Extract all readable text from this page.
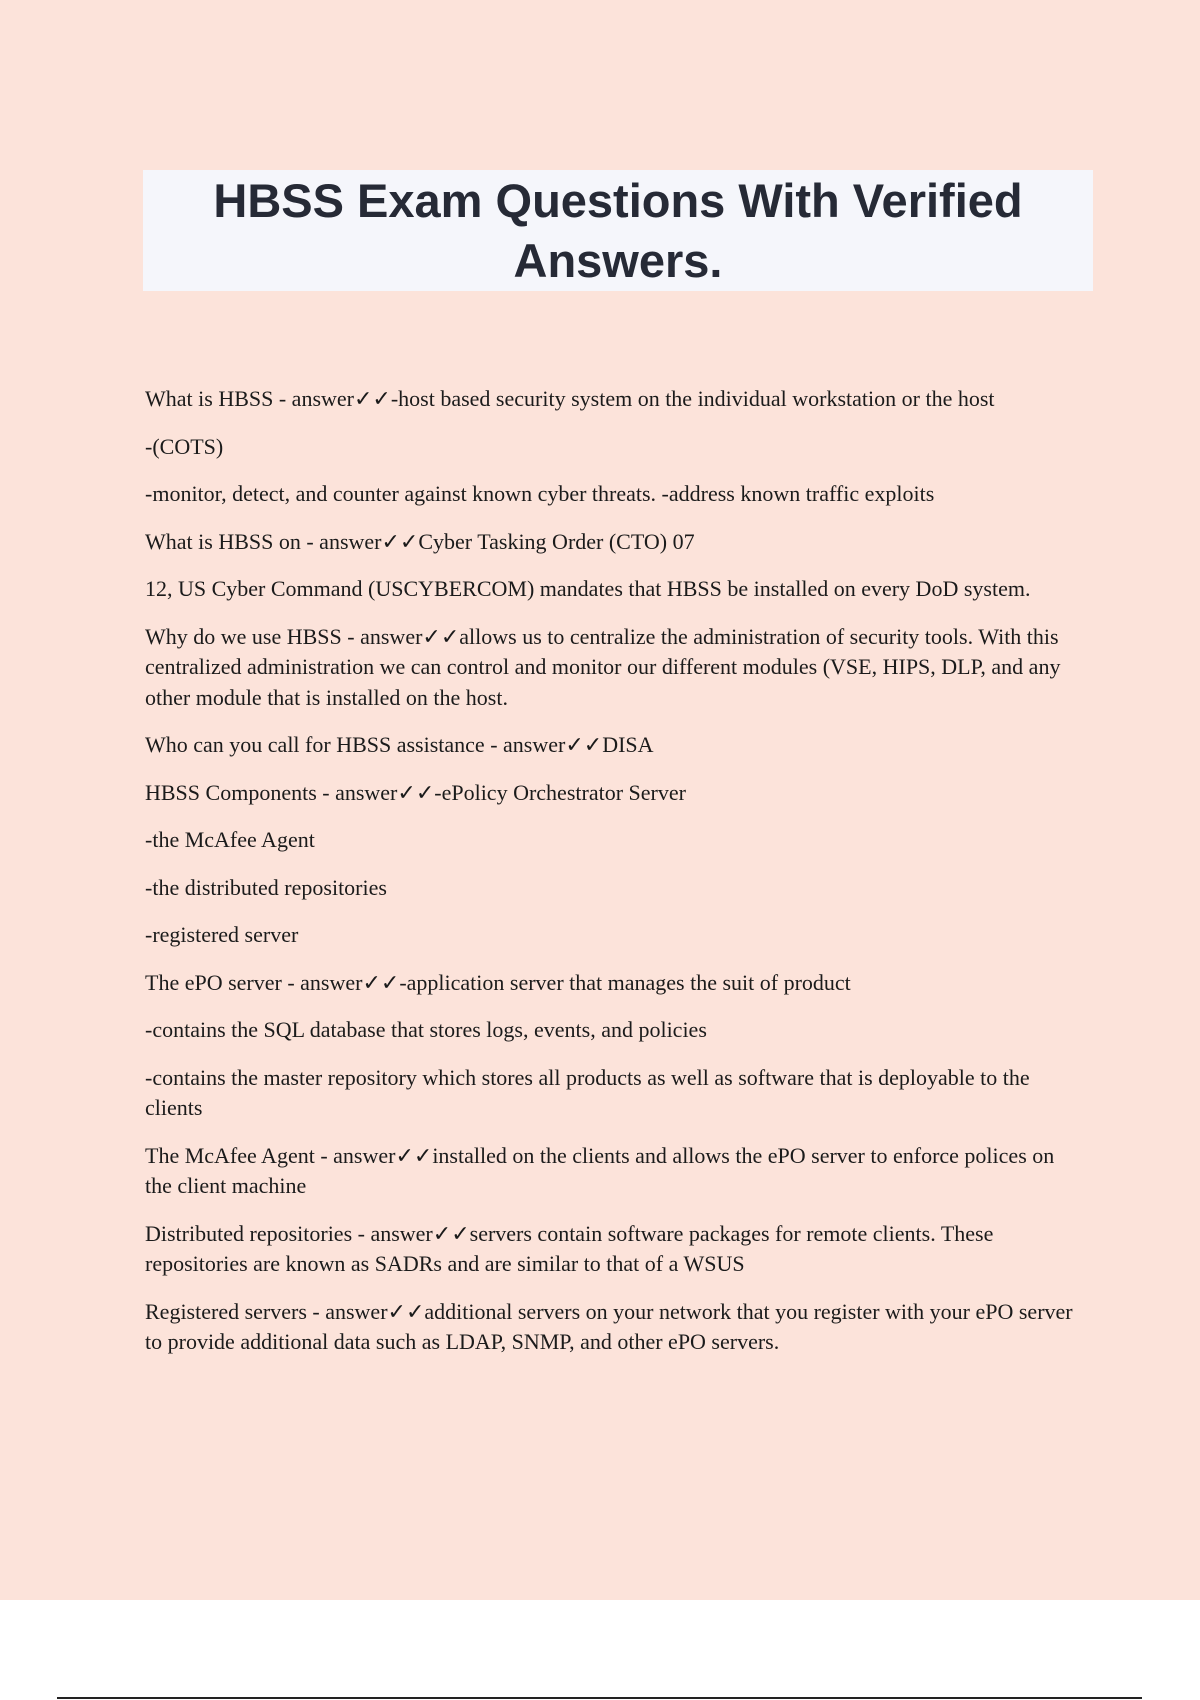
HBSS Exam Questions With Verified Answers.

What is HBSS - answer✓✓-host based security system on the individual workstation or the host

-(COTS)

-monitor, detect, and counter against known cyber threats. -address known traffic exploits

What is HBSS on - answer✓✓Cyber Tasking Order (CTO) 07

12, US Cyber Command (USCYBERCOM) mandates that HBSS be installed on every DoD system.

Why do we use HBSS - answer✓✓allows us to centralize the administration of security tools. With this centralized administration we can control and monitor our different modules (VSE, HIPS, DLP, and any other module that is installed on the host.

Who can you call for HBSS assistance - answer✓✓DISA

HBSS Components - answer✓✓-ePolicy Orchestrator Server

-the McAfee Agent

-the distributed repositories

-registered server

The ePO server - answer✓✓-application server that manages the suit of product

-contains the SQL database that stores logs, events, and policies

-contains the master repository which stores all products as well as software that is deployable to the clients

The McAfee Agent - answer✓✓installed on the clients and allows the ePO server to enforce polices on the client machine

Distributed repositories - answer✓✓servers contain software packages for remote clients. These repositories are known as SADRs and are similar to that of a WSUS

Registered servers - answer✓✓additional servers on your network that you register with your ePO server to provide additional data such as LDAP, SNMP, and other ePO servers.
